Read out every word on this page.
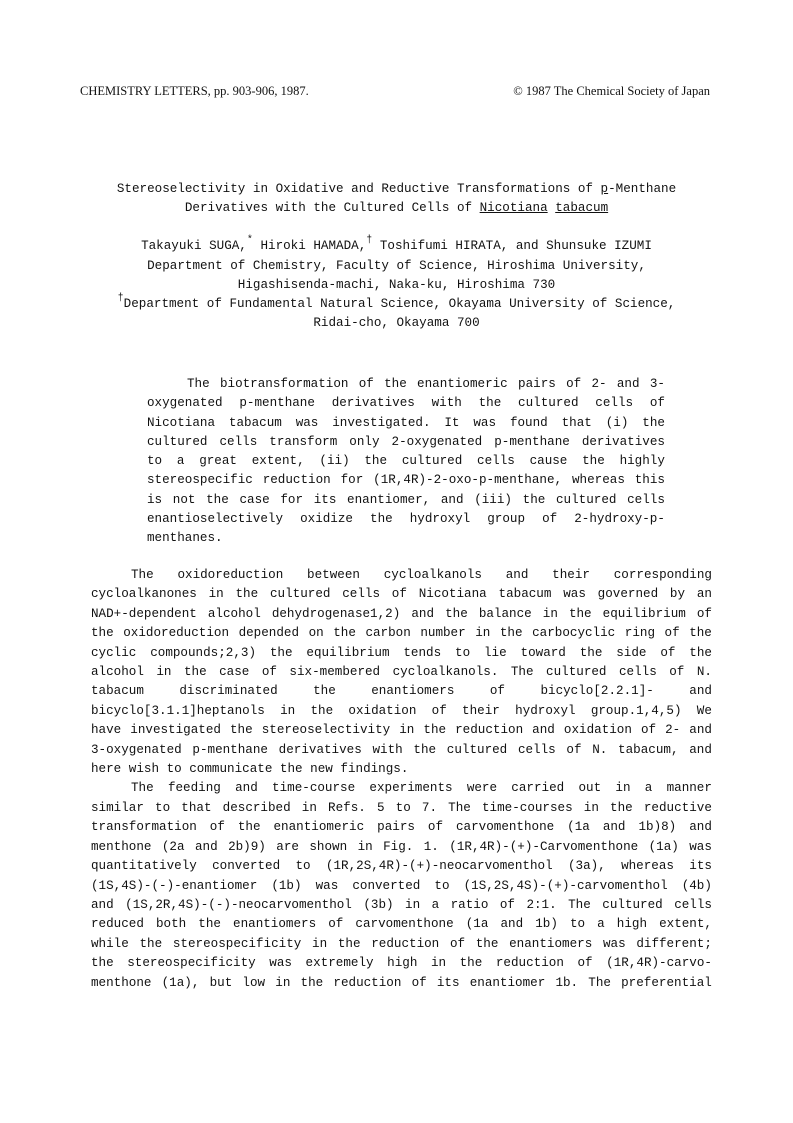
CHEMISTRY LETTERS, pp. 903-906, 1987.	© 1987 The Chemical Society of Japan
Stereoselectivity in Oxidative and Reductive Transformations of p-Menthane
Derivatives with the Cultured Cells of Nicotiana tabacum
Takayuki SUGA,* Hiroki HAMADA,† Toshifumi HIRATA, and Shunsuke IZUMI
Department of Chemistry, Faculty of Science, Hiroshima University,
Higashisenda-machi, Naka-ku, Hiroshima 730
†Department of Fundamental Natural Science, Okayama University of Science,
Ridai-cho, Okayama 700
The biotransformation of the enantiomeric pairs of 2- and 3-
oxygenated p-menthane derivatives with the cultured cells of
Nicotiana tabacum was investigated. It was found that (i) the
cultured cells transform only 2-oxygenated p-menthane derivatives
to a great extent, (ii) the cultured cells cause the highly
stereospecific reduction for (1R,4R)-2-oxo-p-menthane, whereas this
is not the case for its enantiomer, and (iii) the cultured cells
enantioselectively oxidize the hydroxyl group of 2-hydroxy-p-
menthanes.
The oxidoreduction between cycloalkanols and their corresponding
cycloalkanones in the cultured cells of Nicotiana tabacum was governed by an
NAD+-dependent alcohol dehydrogenase1,2) and the balance in the equilibrium of
the oxidoreduction depended on the carbon number in the carbocyclic ring of the
cyclic compounds;2,3) the equilibrium tends to lie toward the side of the
alcohol in the case of six-membered cycloalkanols. The cultured cells of N.
tabacum	discriminated	the	enantiomers	of	bicyclo[2.2.1]-	and
bicyclo[3.1.1]heptanols in the oxidation of their hydroxyl group.1,4,5) We
have investigated the stereoselectivity in the reduction and oxidation of 2- and
3-oxygenated p-menthane derivatives with the cultured cells of N. tabacum, and
here wish to communicate the new findings.
The feeding and time-course experiments were carried out in a manner
similar to that described in Refs. 5 to 7. The time-courses in the reductive
transformation of the enantiomeric pairs of carvomenthone (1a and 1b)8) and
menthone (2a and 2b)9) are shown in Fig. 1. (1R,4R)-(+)-Carvomenthone (1a) was
quantitatively converted to (1R,2S,4R)-(+)-neocarvomenthol (3a), whereas its
(1S,4S)-(-)-enantiomer (1b) was converted to (1S,2S,4S)-(+)-carvomenthol (4b)
and (1S,2R,4S)-(-)-neocarvomenthol (3b) in a ratio of 2:1. The cultured cells
reduced both the enantiomers of carvomenthone (1a and 1b) to a high extent,
while the stereospecificity in the reduction of the enantiomers was different;
the stereospecificity was extremely high in the reduction of (1R,4R)-carvo-
menthone (1a), but low in the reduction of its enantiomer 1b. The preferential
